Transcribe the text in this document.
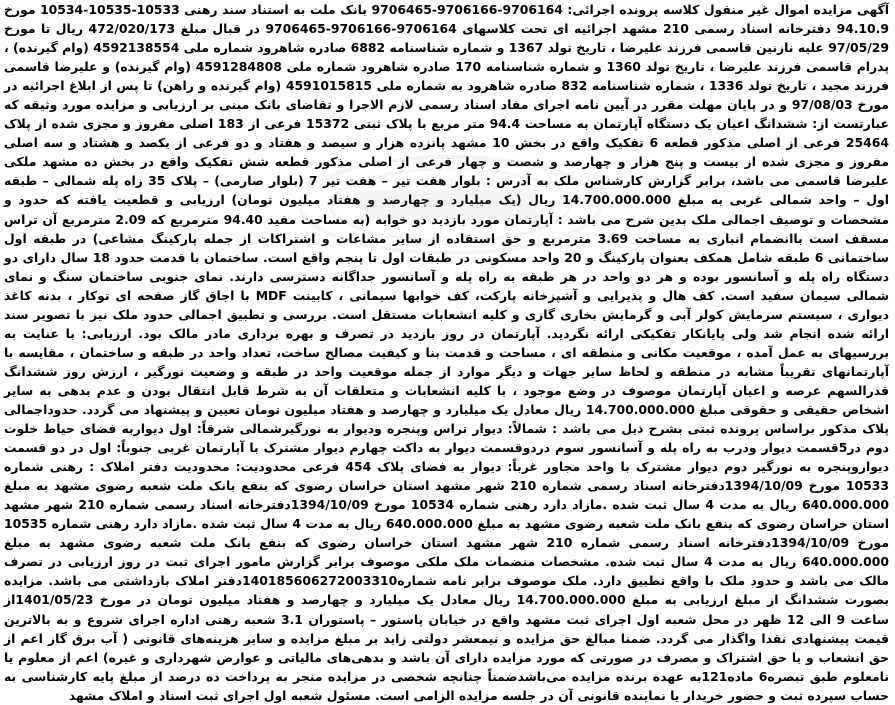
آگهی مزایده اموال غیر منقول کلاسه پرونده اجرائی: 9706164-9706166-9706465 بانک ملت به استناد سند رهنی 10533-10535-10534 مورخ 94.10.9 دفترخانه اسناد رسمی 210 مشهد اجرائیه ای تحت کلاسهای 9706164-9706166-9706465 در قبال مبلغ 472/020/173 ریال تا مورخ 97/05/29 علیه نازنین قاسمی فرزند علیرضا ، تاریخ تولد 1367 و شماره شناسنامه 6882 صادره شاهرود شماره ملی 4592138554 (وام گیرنده) ، پدرام قاسمی فرزند علیرضا ، تاریخ تولد 1360 و شماره شناسنامه 170 صادره شاهرود شماره ملی 4591284808 (وام گیرنده) و علیرضا قاسمی فرزند مجید ، تاریخ تولد 1336 ، شماره شناسنامه 832 صادره شاهرود به شماره ملی 4591015815 (وام گیرنده و راهن) تا پس از ابلاغ اجرائیه در مورخ 97/08/03 و در پایان مهلت مقرر در آیین نامه اجرای مفاد اسناد رسمی لازم الاجرا و تقاضای بانک مبنی بر ارزیابی و مزایده مورد وثیقه که عبارتست از: ششدانگ اعیان یک دستگاه آپارتمان به مساحت 94.4 متر مربع با پلاک ثبتی 15372 فرعی از 183 اصلی مفروز و مجزی شده از پلاک 25464 فرعی از اصلی مذکور قطعه 6 تفکیک واقع در بخش 10 مشهد پانزده هزار و سیصد و هفتاد و دو فرعی از یکصد و هشتاد و سه اصلی مفروز و مجزی شده از بیست و پنج هزار و چهارصد و شصت و چهار فرعی از اصلی مذکور قطعه شش تفکیک واقع در بخش ده مشهد ملکی علیرضا قاسمی می باشد، برابر گزارش کارشناس ملک به آدرس : بلوار هفت تیر – هفت تیر 7 (بلوار صارمی) – پلاک 35 زاه پله شمالی – طبقه اول – واحد شمالی غربی به مبلغ 14.700.000.000 ریال (یک میلیارد و چهارصد و هفتاد میلیون تومان) ارزیابی و قطعیت یافته که حدود و مشخصات و توصیف اجمالی ملک بدین شرح می باشد : آپارتمان مورد بازدید دو خوابه (به مساحت مفید 94.40 مترمربع که 2.09 مترمربع آن تراس مسقف است باانضمام انباری به مساحت 3.69 مترمربع و حق استفاده از سایر مشاعات و اشتراکات از جمله پارکینگ مشاعی) در طبقه اول ساختمانی 6 طبقه شامل همکف بعنوان پارکینگ و 20 واحد مسکونی در طبقات اول تا پنجم واقع است. ساختمان با قدمت حدود 18 سال دارای دو دستگاه راه پله و آسانسور بوده و هر دو واحد در هر طبقه به راه پله و آسانسور جداگانه دسترسی دارند. نمای جنوبی ساختمان سنگ و نمای شمالی سیمان سفید است. کف هال و پذیرایی و آشپزخانه پارکت، کف خوابها سیمانی ، کابینت MDF با اجاق گاز صفحه ای توکار ، بدنه کاغذ دیواری ، سیستم سرمایش کولر آبی و گرمایش بخاری گازی و کلیه انشعابات مستقل است. بررسی و تطبیق اجمالی حدود ملک نیز با تصویر سند ارائه شده انجام شد ولی پایانکار تفکیکی ارائه نگردید. آپارتمان در روز بازدید در تصرف و بهره برداری مادر مالک بود. ارزیابی: با عنایت به بررسیهای به عمل آمده ، موقعیت مکانی و منطقه ای ، مساحت و قدمت بنا و کیفیت مصالح ساخت، تعداد واحد در طبقه و ساختمان ، مقایسه با آپارتمانهای تقریباً مشابه در منطقه و لحاظ سایر جهات و دیگر موارد از جمله موقعیت واحد در طبقه و وضعیت نورگیر ، ارزش روز ششدانگ قدرالسهم عرصه و اعیان آپارتمان موصوف در وضع موجود ، با کلیه انشعابات و متعلقات آن به شرط قابل انتقال بودن و عدم بدهی به سایر اشخاص حقیقی و حقوقی مبلغ 14.700.000.000 ریال معادل یک میلیارد و چهارصد و هفتاد میلیون تومان تعیین و پیشنهاد می گردد. حدوداجمالی پلاک مذکور براساس پرونده ثبتی بشرح ذیل می باشد : شمالاً: دیوار تراس وپنجره ودیوار به نورگیرشمالی شرقاً: اول دیواربه فضای حیاط خلوت دوم در5قسمت دیوار ودرب به راه پله و آسانسور سوم دردوقسمت دیوار به داکت چهارم دیوار مشترک با آپارتمان غربی جنوباً: اول در دو قسمت دیواروپنجره به نورگیر دوم دیوار مشترک با واحد مجاور غرباً: دیوار به فضای پلاک 454 فرعی محدودیت: محدودیت دفتر املاک : رهنی شماره 10533 مورخ 1394/10/09دفترخانه اسناد رسمی شماره 210 شهر مشهد استان خراسان رضوی که بنفع بانک ملت شعبه رضوی مشهد به مبلغ 640.000.000 ریال به مدت 4 سال ثبت شده .مازاد دارد رهنی شماره 10534 مورخ 1394/10/09دفترخانه اسناد رسمی شماره 210 شهر مشهد استان خراسان رضوی که بنفع بانک ملت شعبه رضوی مشهد به مبلغ 640.000.000 ریال به مدت 4 سال ثبت شده .مازاد دارد رهنی شماره 10535 مورخ 1394/10/09دفترخانه اسناد رسمی شماره 210 شهر مشهد استان خراسان رضوی که بنفع بانک ملت شعبه رضوی مشهد به مبلغ 640.000.000 ریال به مدت 4 سال ثبت شده. مشخصات منضمات ملک ملکی موصوف برابر گزارش مامور اجرای ثبت در روز ارزیابی در تصرف مالک می باشد و حدود ملک با واقع تطبیق دارد. ملک موصوف برابر نامه شماره140185606272003310دفتر املاک بازداشتی می باشد. مزایده بصورت ششدانگ از مبلغ ارزیابی به مبلغ 14.700.000.000 ریال معادل یک میلیارد و چهارصد و هفتاد میلیون تومان در مورخ 1401/05/23از ساعت 9 الی 12 ظهر در محل شعبه اول اجرای ثبت مشهد واقع در خیابان پاستور – پاستوران 3.1 شعبه رهنی اداره اجرای شروع و به بالاترین قیمت پیشنهادی نقدا واگذار می گردد. ضمنا مبالغ حق مزایده و نیمعشر دولتی زاید بر مبلغ مزایده و سایر هزینه‌های قانونی ( آب برق گاز اعم از حق انشعاب و یا حق اشتراک و مصرف در صورتی که مورد مزایده دارای آن باشد و بدهی‌های مالیاتی و عوارض شهرداری و غیره) اعم از معلوم یا نامعلوم طبق تبصره6 ماده121به عهده برنده مزایده می‌باشدضمناً چنانچه شخصی در مزایده منجر به پرداخت ده درصد از مبلغ پایه کارشناسی به حساب سپرده ثبت و حضور خریدار یا نماینده قانونی آن در جلسه مزایده الزامی است. مسئول شعبه اول اجرای ثبت اسناد و املاک مشهد
